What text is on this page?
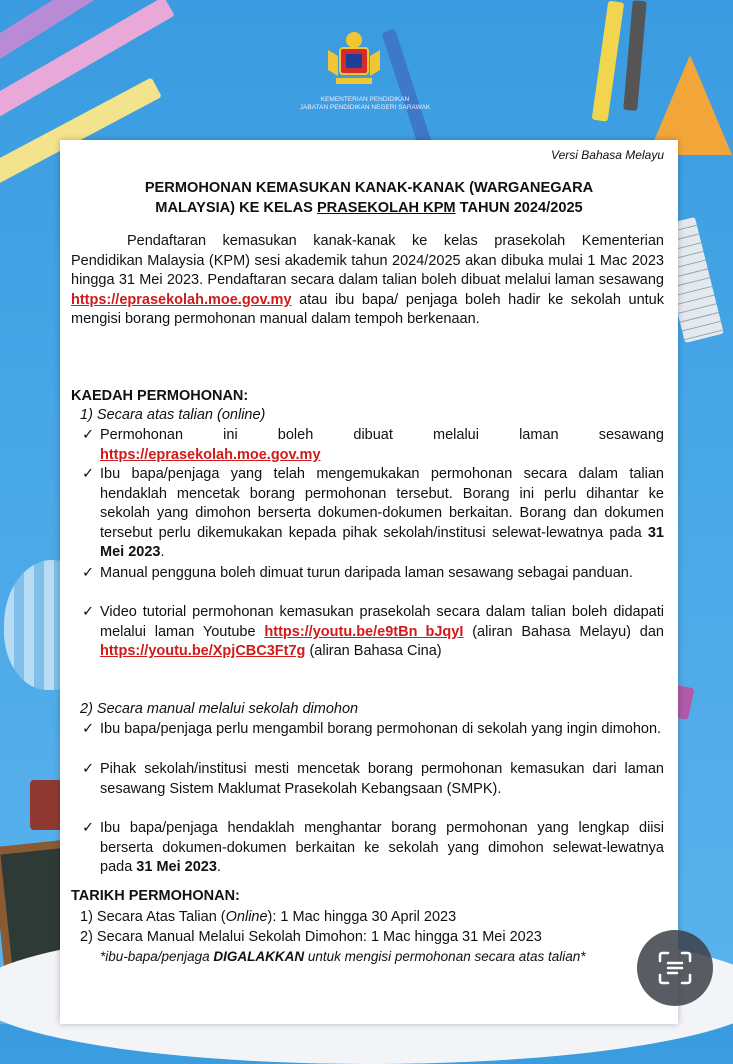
KEMENTERIAN PENDIDIKAN
JABATAN PENDIDIKAN NEGERI SARAWAK
Versi Bahasa Melayu
PERMOHONAN KEMASUKAN KANAK-KANAK (WARGANEGARA
MALAYSIA) KE KELAS PRASEKOLAH KPM TAHUN 2024/2025
Pendaftaran kemasukan kanak-kanak ke kelas prasekolah Kementerian Pendidikan Malaysia (KPM) sesi akademik tahun 2024/2025 akan dibuka mulai 1 Mac 2023 hingga 31 Mei 2023. Pendaftaran secara dalam talian boleh dibuat melalui laman sesawang https://eprasekolah.moe.gov.my atau ibu bapa/ penjaga boleh hadir ke sekolah untuk mengisi borang permohonan manual dalam tempoh berkenaan.
KAEDAH PERMOHONAN:
1) Secara atas talian (online)
✓ Permohonan ini boleh dibuat melalui laman sesawang https://eprasekolah.moe.gov.my
✓ Ibu bapa/penjaga yang telah mengemukakan permohonan secara dalam talian hendaklah mencetak borang permohonan tersebut. Borang ini perlu dihantar ke sekolah yang dimohon berserta dokumen-dokumen berkaitan. Borang dan dokumen tersebut perlu dikemukakan kepada pihak sekolah/institusi selewat-lewatnya pada 31 Mei 2023.
✓ Manual pengguna boleh dimuat turun daripada laman sesawang sebagai panduan.
✓ Video tutorial permohonan kemasukan prasekolah secara dalam talian boleh didapati melalui laman Youtube https://youtu.be/e9tBn_bJqyI (aliran Bahasa Melayu) dan https://youtu.be/XpjCBC3Ft7g (aliran Bahasa Cina)
2) Secara manual melalui sekolah dimohon
✓ Ibu bapa/penjaga perlu mengambil borang permohonan di sekolah yang ingin dimohon.
✓ Pihak sekolah/institusi mesti mencetak borang permohonan kemasukan dari laman sesawang Sistem Maklumat Prasekolah Kebangsaan (SMPK).
✓ Ibu bapa/penjaga hendaklah menghantar borang permohonan yang lengkap diisi berserta dokumen-dokumen berkaitan ke sekolah yang dimohon selewat-lewatnya pada 31 Mei 2023.
TARIKH PERMOHONAN:
1) Secara Atas Talian (Online): 1 Mac hingga 30 April 2023
2) Secara Manual Melalui Sekolah Dimohon: 1 Mac hingga 31 Mei 2023
*ibu-bapa/penjaga DIGALAKKAN untuk mengisi permohonan secara atas talian*
